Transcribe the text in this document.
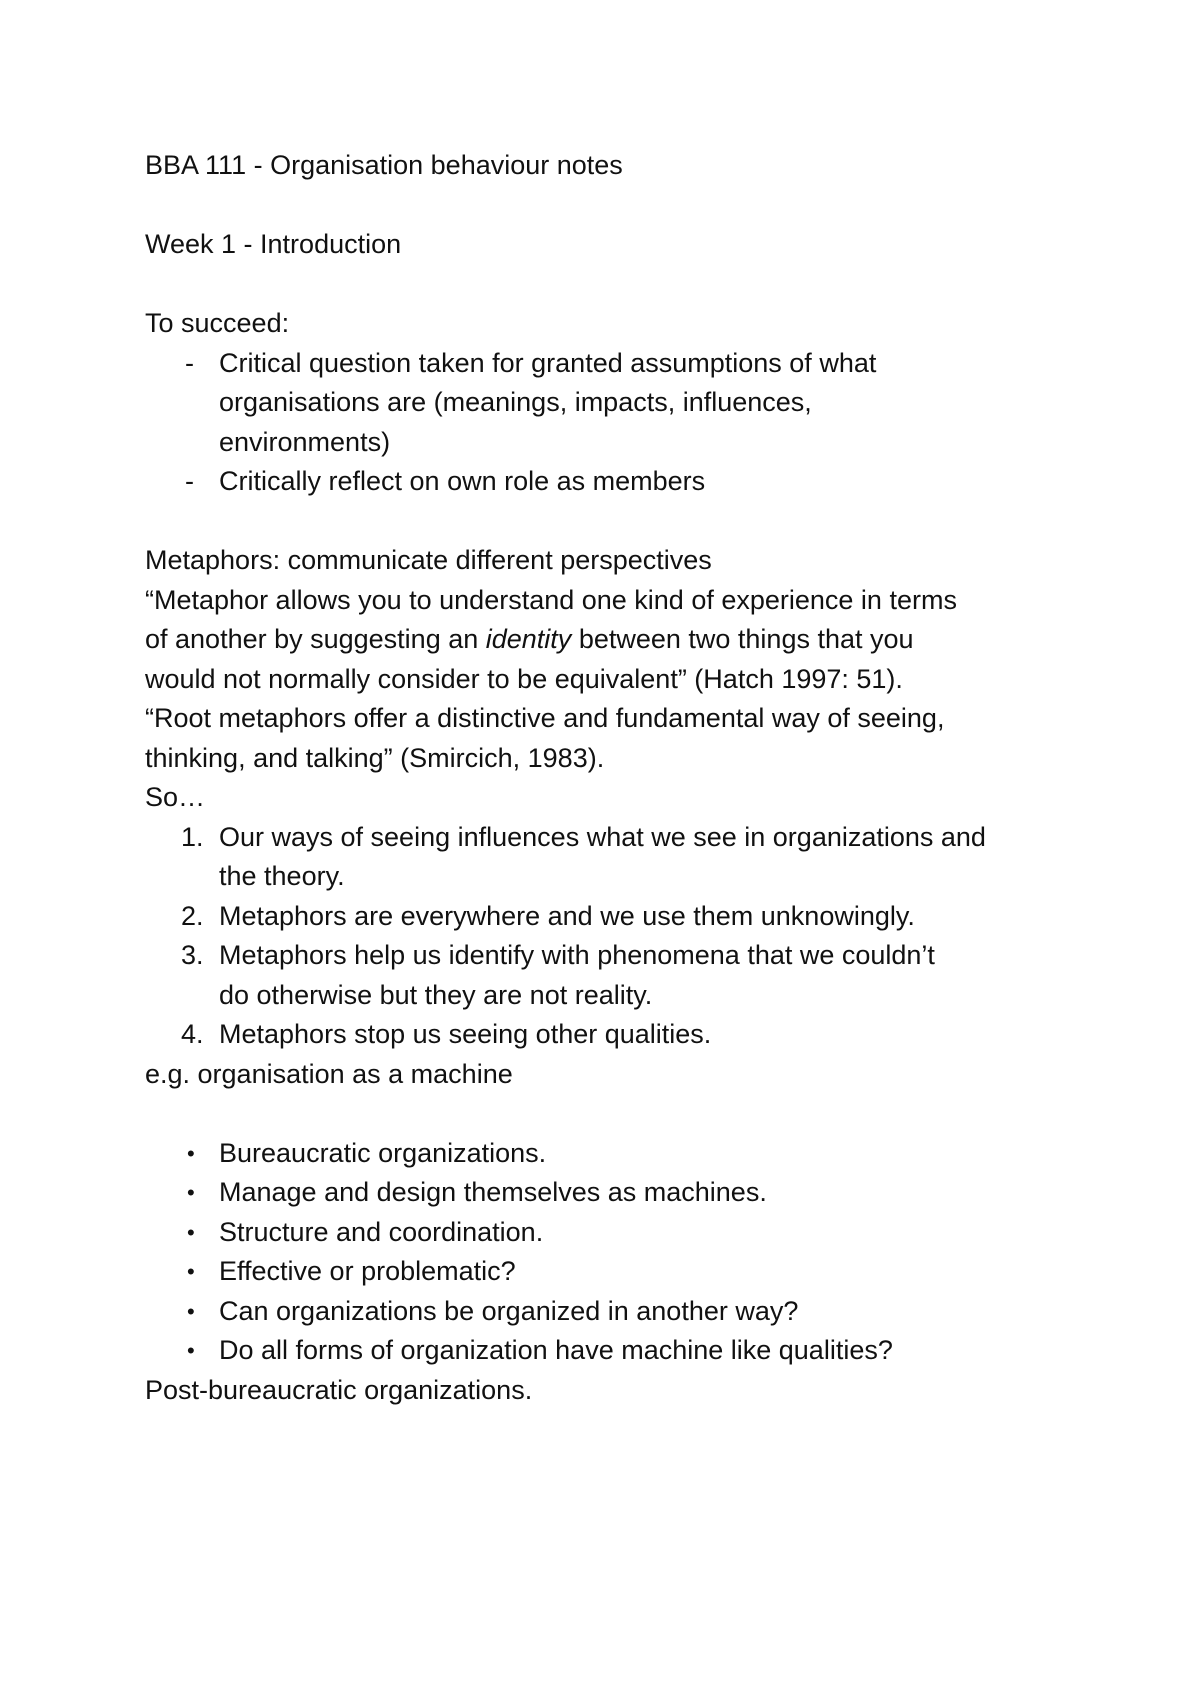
BBA 111 - Organisation behaviour notes

Week 1 - Introduction

To succeed:

- Critical question taken for granted assumptions of what
organisations are (meanings, impacts, influences,
environments)
- Critically reflect on own role as members

Metaphors: communicate different perspectives

“Metaphor allows you to understand one kind of experience in terms

of another by suggesting an identity between two things that you

would not normally consider to be equivalent” (Hatch 1997: 51).

“Root metaphors offer a distinctive and fundamental way of seeing,

thinking, and talking” (Smircich, 1983).

So…

1. Our ways of seeing influences what we see in organizations and
the theory.
2. Metaphors are everywhere and we use them unknowingly.
3. Metaphors help us identify with phenomena that we couldn’t
do otherwise but they are not reality.
4. Metaphors stop us seeing other qualities.

e.g. organisation as a machine

• Bureaucratic organizations.
• Manage and design themselves as machines.
• Structure and coordination.
• Effective or problematic?
• Can organizations be organized in another way?
• Do all forms of organization have machine like qualities?

Post-bureaucratic organizations.
